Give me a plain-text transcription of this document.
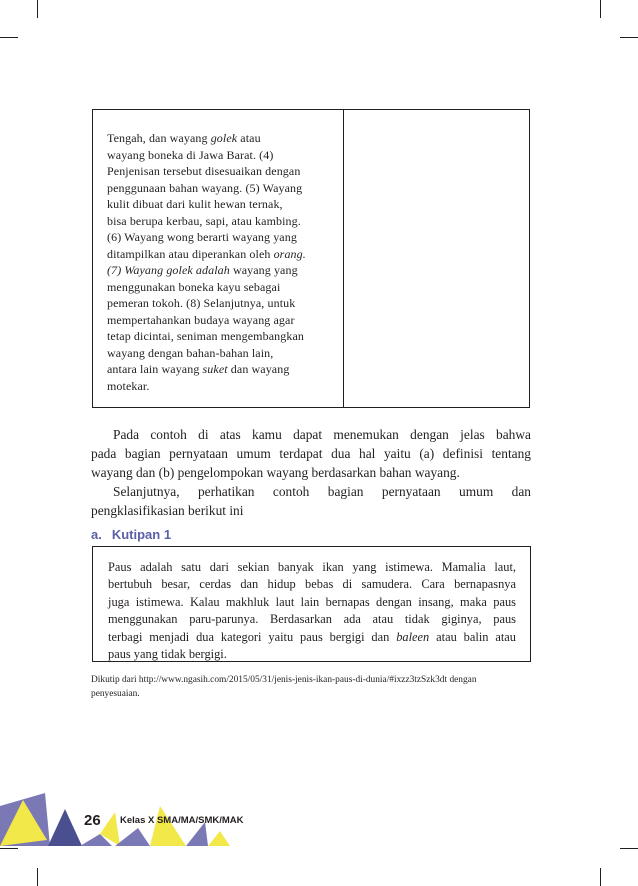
Tengah, dan wayang golek atau

wayang boneka di Jawa Barat. (4)

Penjenisan tersebut disesuaikan dengan

penggunaan bahan wayang. (5) Wayang

kulit dibuat dari kulit hewan ternak,

bisa berupa kerbau, sapi, atau kambing.

(6) Wayang wong berarti wayang yang

ditampilkan atau diperankan oleh orang.

(7) Wayang golek adalah wayang yang

menggunakan boneka kayu sebagai

pemeran tokoh. (8) Selanjutnya, untuk

mempertahankan budaya wayang agar

tetap dicintai, seniman mengembangkan

wayang dengan bahan-bahan lain,

antara lain wayang suket dan wayang

motekar.

Pada contoh di atas kamu dapat menemukan dengan jelas bahwa
pada bagian pernyataan umum terdapat dua hal yaitu (a) definisi tentang
wayang dan (b) pengelompokan wayang berdasarkan bahan wayang.

Selanjutnya, perhatikan contoh bagian pernyataan umum dan
pengklasifikasian berikut ini

a. Kutipan 1
Paus adalah satu dari sekian banyak ikan yang istimewa. Mamalia laut,
bertubuh besar, cerdas dan hidup bebas di samudera. Cara bernapasnya
juga istimewa. Kalau makhluk laut lain bernapas dengan insang, maka paus
menggunakan paru-parunya. Berdasarkan ada atau tidak giginya, paus
terbagi menjadi dua kategori yaitu paus bergigi dan baleen atau balin atau
paus yang tidak bergigi.
Dikutip dari http://www.ngasih.com/2015/05/31/jenis-jenis-ikan-paus-di-dunia/#ixzz3tzSzk3dt dengan
penyesuaian.
26 Kelas X SMA/MA/SMK/MAK
